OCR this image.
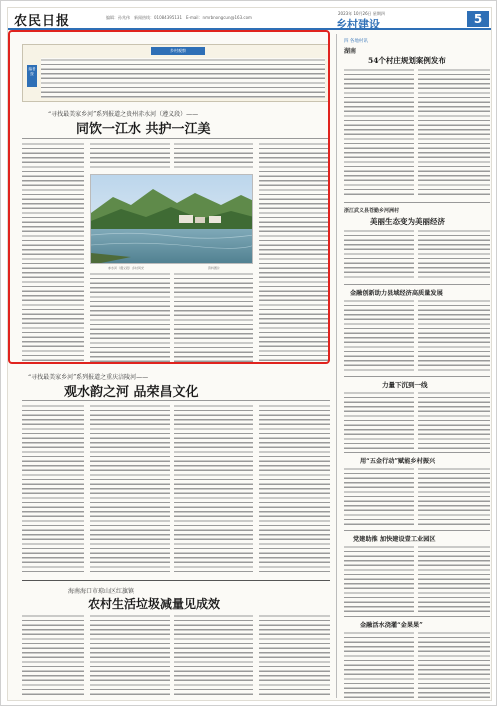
农民日报	编辑：孙兆伟　新闻热线：01084395131　E-mail：nmrbnongcun@163.com
2023年 10月26日 星期四
乡村建设	5
乡村观察
编者按
“寻找最美家乡河”系列报道之贵州赤水河（遵义段）——
同饮一江水 共护一江美
赤水河（遵义段）乡村风光	资料图片
“寻找最美家乡河”系列报道之重庆涪陵河——
观水韵之河 品荣昌文化
海南海口市琼山区红旗镇
农村生活垃圾减量见成效
四 各地村讯
湖南
54个村庄规划案例发布
浙江武义县苍勤乡河洲村
美丽生态变为美丽经济
金融创新助力县域经济高质量发展
力量下沉到一线
用“五金行动”赋能乡村振兴
党建助推 加快建设壹工业园区
金融活水浇灌“金果果”
